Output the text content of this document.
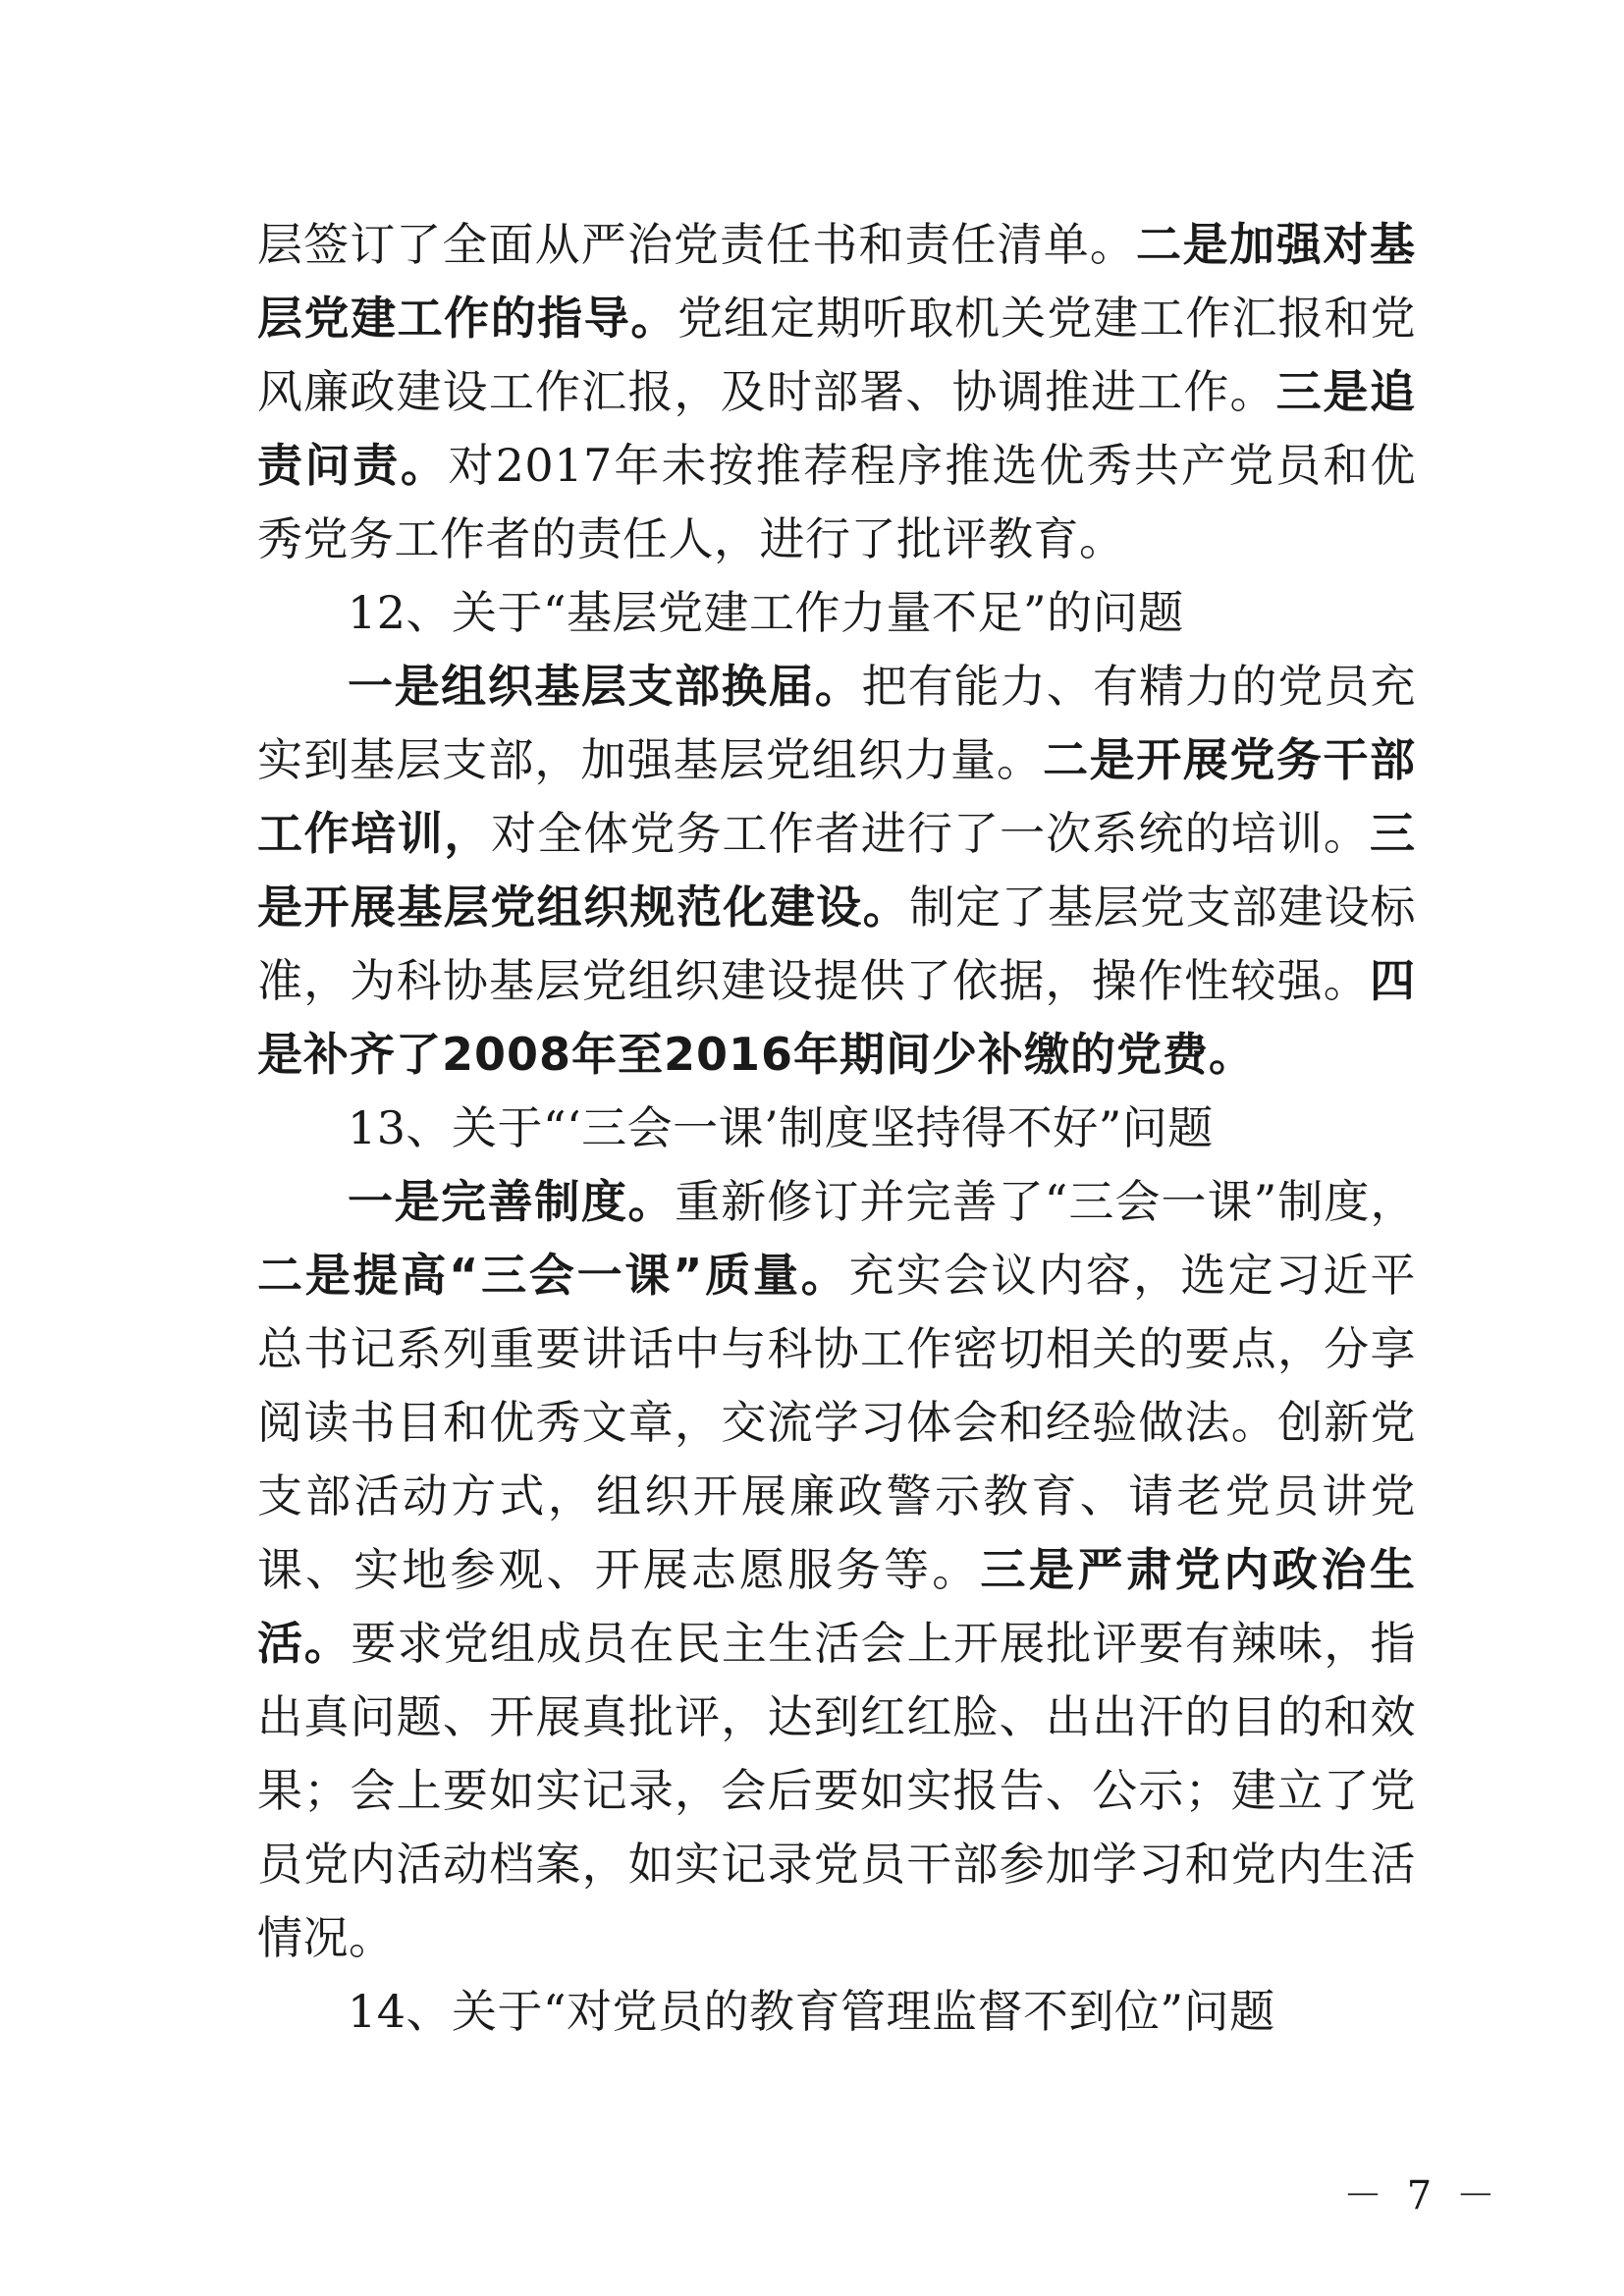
层签订了全面从严治党责任书和责任清单。二是加强对基层党建工作的指导。党组定期听取机关党建工作汇报和党风廉政建设工作汇报，及时部署、协调推进工作。三是追责问责。对2017年未按推荐程序推选优秀共产党员和优秀党务工作者的责任人，进行了批评教育。

12、关于“基层党建工作力量不足”的问题

一是组织基层支部换届。把有能力、有精力的党员充实到基层支部，加强基层党组织力量。二是开展党务干部工作培训，对全体党务工作者进行了一次系统的培训。三是开展基层党组织规范化建设。制定了基层党支部建设标准，为科协基层党组织建设提供了依据，操作性较强。四是补齐了2008年至2016年期间少补缴的党费。

13、关于“‘三会一课’制度坚持得不好”问题

一是完善制度。重新修订并完善了“三会一课”制度，二是提高“三会一课”质量。充实会议内容，选定习近平总书记系列重要讲话中与科协工作密切相关的要点，分享阅读书目和优秀文章，交流学习体会和经验做法。创新党支部活动方式，组织开展廉政警示教育、请老党员讲党课、实地参观、开展志愿服务等。三是严肃党内政治生活。要求党组成员在民主生活会上开展批评要有辣味，指出真问题、开展真批评，达到红红脸、出出汗的目的和效果；会上要如实记录，会后要如实报告、公示；建立了党员党内活动档案，如实记录党员干部参加学习和党内生活情况。

14、关于“对党员的教育管理监督不到位”问题

－ 7 －
